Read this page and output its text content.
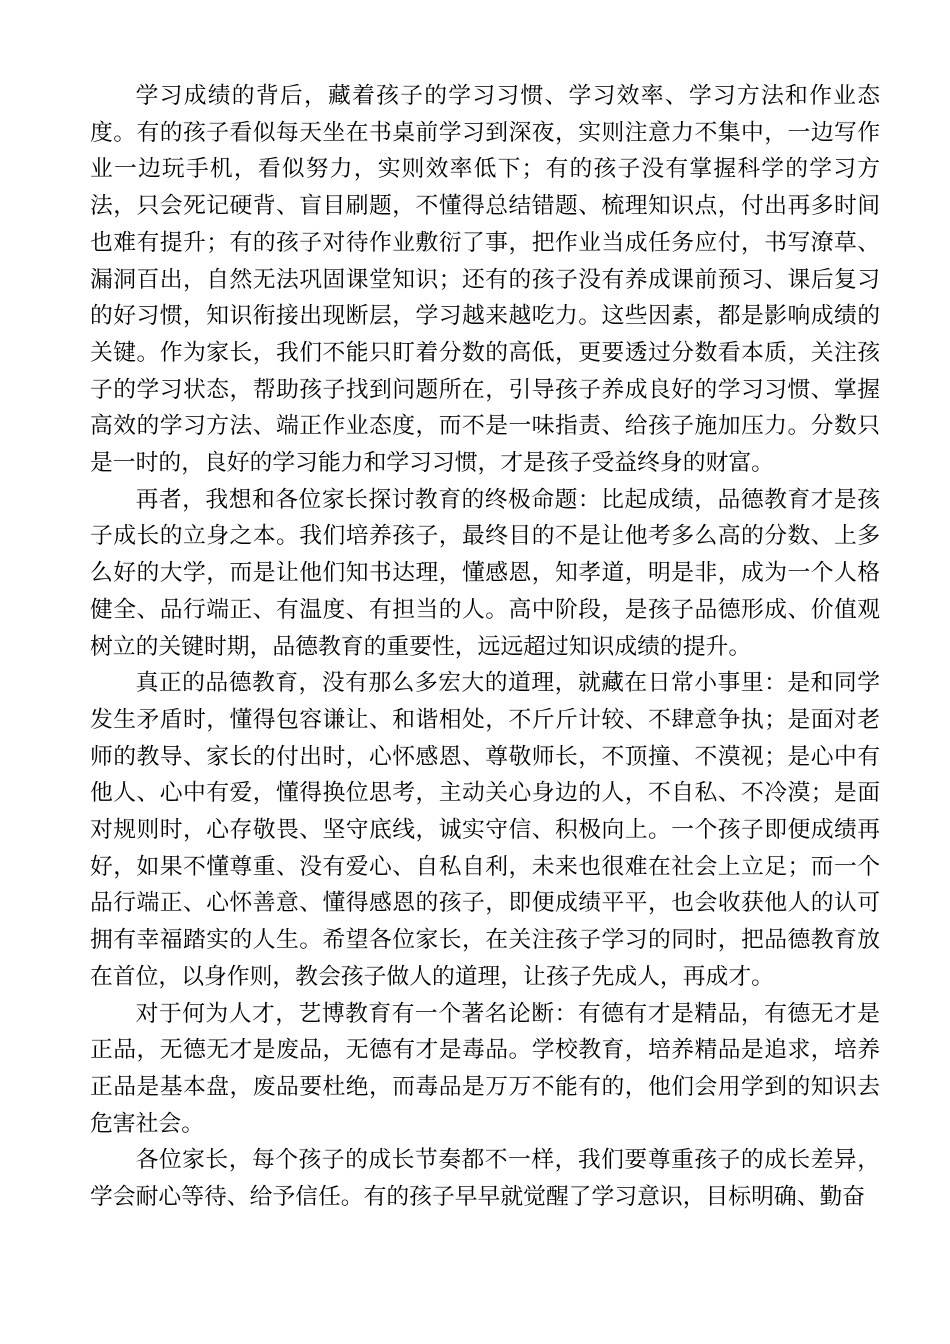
学习成绩的背后，藏着孩子的学习习惯、学习效率、学习方法和作业态度。有的孩子看似每天坐在书桌前学习到深夜，实则注意力不集中，一边写作业一边玩手机，看似努力，实则效率低下；有的孩子没有掌握科学的学习方法，只会死记硬背、盲目刷题，不懂得总结错题、梳理知识点，付出再多时间也难有提升；有的孩子对待作业敷衍了事，把作业当成任务应付，书写潦草、漏洞百出，自然无法巩固课堂知识；还有的孩子没有养成课前预习、课后复习的好习惯，知识衔接出现断层，学习越来越吃力。这些因素，都是影响成绩的关键。作为家长，我们不能只盯着分数的高低，更要透过分数看本质，关注孩子的学习状态，帮助孩子找到问题所在，引导孩子养成良好的学习习惯、掌握高效的学习方法、端正作业态度，而不是一味指责、给孩子施加压力。分数只是一时的，良好的学习能力和学习习惯，才是孩子受益终身的财富。

再者，我想和各位家长探讨教育的终极命题：比起成绩，品德教育才是孩子成长的立身之本。我们培养孩子，最终目的不是让他考多么高的分数、上多么好的大学，而是让他们知书达理，懂感恩，知孝道，明是非，成为一个人格健全、品行端正、有温度、有担当的人。高中阶段，是孩子品德形成、价值观树立的关键时期，品德教育的重要性，远远超过知识成绩的提升。

真正的品德教育，没有那么多宏大的道理，就藏在日常小事里：是和同学发生矛盾时，懂得包容谦让、和谐相处，不斤斤计较、不肆意争执；是面对老师的教导、家长的付出时，心怀感恩、尊敬师长，不顶撞、不漠视；是心中有他人、心中有爱，懂得换位思考，主动关心身边的人，不自私、不冷漠；是面对规则时，心存敬畏、坚守底线，诚实守信、积极向上。一个孩子即便成绩再好，如果不懂尊重、没有爱心、自私自利，未来也很难在社会上立足；而一个品行端正、心怀善意、懂得感恩的孩子，即便成绩平平，也会收获他人的认可拥有幸福踏实的人生。希望各位家长，在关注孩子学习的同时，把品德教育放在首位，以身作则，教会孩子做人的道理，让孩子先成人，再成才。

对于何为人才，艺博教育有一个著名论断：有德有才是精品，有德无才是正品，无德无才是废品，无德有才是毒品。学校教育，培养精品是追求，培养正品是基本盘，废品要杜绝，而毒品是万万不能有的，他们会用学到的知识去危害社会。

各位家长，每个孩子的成长节奏都不一样，我们要尊重孩子的成长差异，学会耐心等待、给予信任。有的孩子早早就觉醒了学习意识，目标明确、勤奋
